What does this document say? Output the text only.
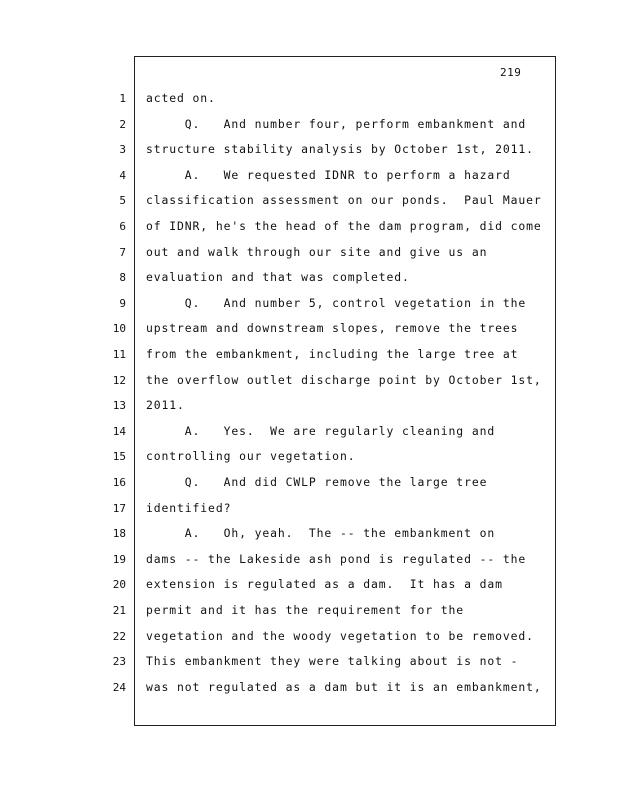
219
1 acted on.
2 Q.   And number four, perform embankment and
3 structure stability analysis by October 1st, 2011.
4 A.   We requested IDNR to perform a hazard
5 classification assessment on our ponds.  Paul Mauer
6 of IDNR, he's the head of the dam program, did come
7 out and walk through our site and give us an
8 evaluation and that was completed.
9 Q.   And number 5, control vegetation in the
10 upstream and downstream slopes, remove the trees
11 from the embankment, including the large tree at
12 the overflow outlet discharge point by October 1st,
13 2011.
14 A.   Yes.  We are regularly cleaning and
15 controlling our vegetation.
16 Q.   And did CWLP remove the large tree
17 identified?
18 A.   Oh, yeah.  The -- the embankment on
19 dams -- the Lakeside ash pond is regulated -- the
20 extension is regulated as a dam.  It has a dam
21 permit and it has the requirement for the
22 vegetation and the woody vegetation to be removed.
23 This embankment they were talking about is not -
24 was not regulated as a dam but it is an embankment,
